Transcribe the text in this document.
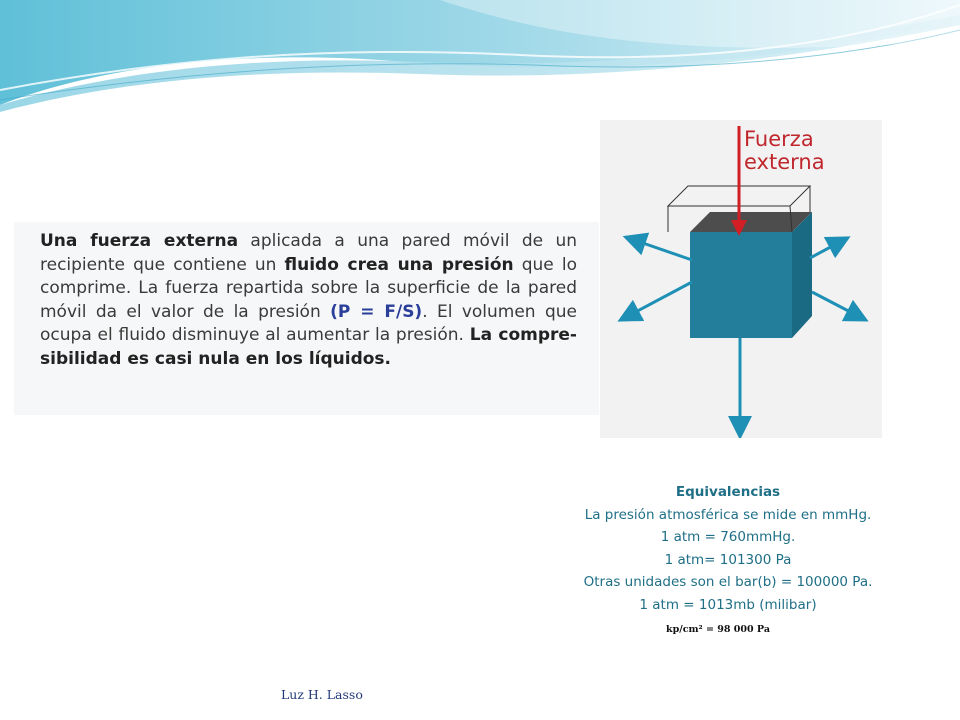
Una fuerza externa aplicada a una pared móvil de un recipiente que contiene un fluido crea una presión que lo comprime. La fuerza repartida sobre la superficie de la pared móvil da el valor de la presión (P = F/S). El volumen que ocupa el fluido disminuye al aumentar la presión. La compre-sibilidad es casi nula en los líquidos.

Fuerza
externa
Equivalencias
La presión atmosférica se mide en mmHg.
1 atm = 760mmHg.
1 atm= 101300 Pa
Otras unidades son el bar(b) = 100000 Pa.
1 atm = 1013mb (milibar)
kp/cm² = 98 000 Pa
Luz H. Lasso
